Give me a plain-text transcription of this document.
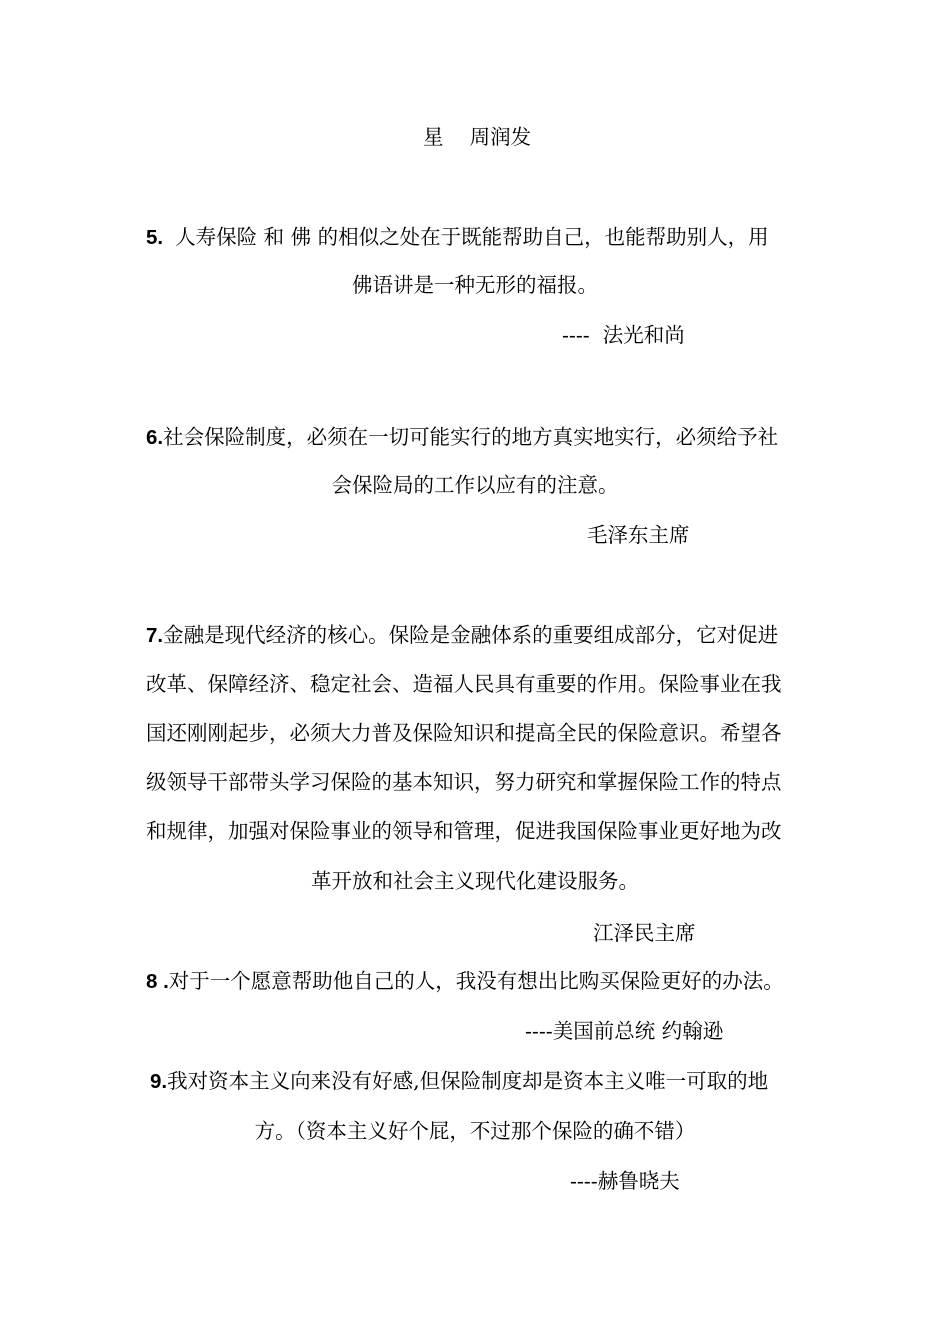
星    周润发
5. 人寿保险 和 佛 的相似之处在于既能帮助自己，也能帮助别人，用
佛语讲是一种无形的福报。
----  法光和尚
6.社会保险制度，必须在一切可能实行的地方真实地实行，必须给予社
会保险局的工作以应有的注意。
毛泽东主席
7.金融是现代经济的核心。保险是金融体系的重要组成部分，它对促进
改革、保障经济、稳定社会、造福人民具有重要的作用。保险事业在我
国还刚刚起步，必须大力普及保险知识和提高全民的保险意识。希望各
级领导干部带头学习保险的基本知识，努力研究和掌握保险工作的特点
和规律，加强对保险事业的领导和管理，促进我国保险事业更好地为改
革开放和社会主义现代化建设服务。
江泽民主席
8 .对于一个愿意帮助他自己的人，我没有想出比购买保险更好的办法。
----美国前总统 约翰逊
9.我对资本主义向来没有好感,但保险制度却是资本主义唯一可取的地
方。（资本主义好个屁，不过那个保险的确不错）
----赫鲁晓夫
